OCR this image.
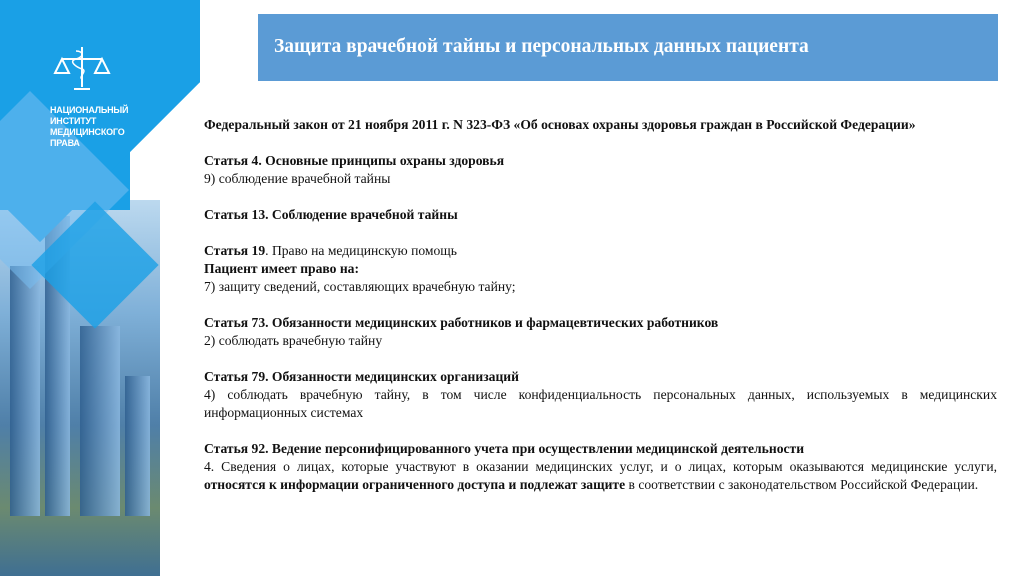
НАЦИОНАЛЬНЫЙ
ИНСТИТУТ
МЕДИЦИНСКОГО
ПРАВА
Защита врачебной тайны и персональных данных пациента

Федеральный закон от 21 ноября 2011 г. N 323-ФЗ «Об основах охраны здоровья граждан в Российской Федерации»

Статья 4. Основные принципы охраны здоровья

9) соблюдение врачебной тайны

Статья 13. Соблюдение врачебной тайны

Статья 19. Право на медицинскую помощь

Пациент имеет право на:

7) защиту сведений, составляющих врачебную тайну;

Статья 73. Обязанности медицинских работников и фармацевтических работников

2) соблюдать врачебную тайну

Статья 79. Обязанности медицинских организаций

4) соблюдать врачебную тайну, в том числе конфиденциальность персональных данных, используемых в медицинских информационных системах

Статья 92. Ведение персонифицированного учета при осуществлении медицинской деятельности

4. Сведения о лицах, которые участвуют в оказании медицинских услуг, и о лицах, которым оказываются медицинские услуги, относятся к информации ограниченного доступа и подлежат защите в соответствии с законодательством Российской Федерации.
